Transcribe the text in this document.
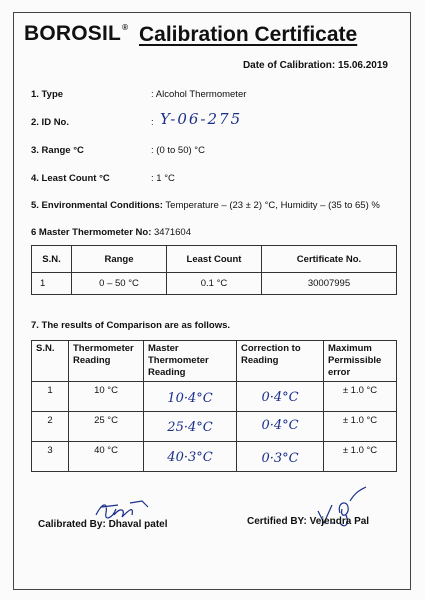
BOROSIL® Calibration Certificate
Date of Calibration: 15.06.2019
1. Type	: Alcohol Thermometer
2. ID No.	: Y-06-275
3. Range °C	: (0 to 50) °C
4. Least Count °C	: 1 °C
5. Environmental Conditions: Temperature – (23 ± 2) °C, Humidity – (35 to 65) %
6 Master Thermometer No: 3471604
S.N.	Range	Least Count	Certificate No.
1	0 – 50 °C	0.1 °C	30007995
7. The results of Comparison are as follows.
S.N.	Thermometer Reading	Master Thermometer Reading	Correction to Reading	Maximum Permissible error
1	10 °C	10·4°C	0·4°C	± 1.0 °C
2	25 °C	25·4°C	0·4°C	± 1.0 °C
3	40 °C	40·3°C	0·3°C	± 1.0 °C
Calibrated By: Dhaval patel	Certified BY: Vejendra Pal
